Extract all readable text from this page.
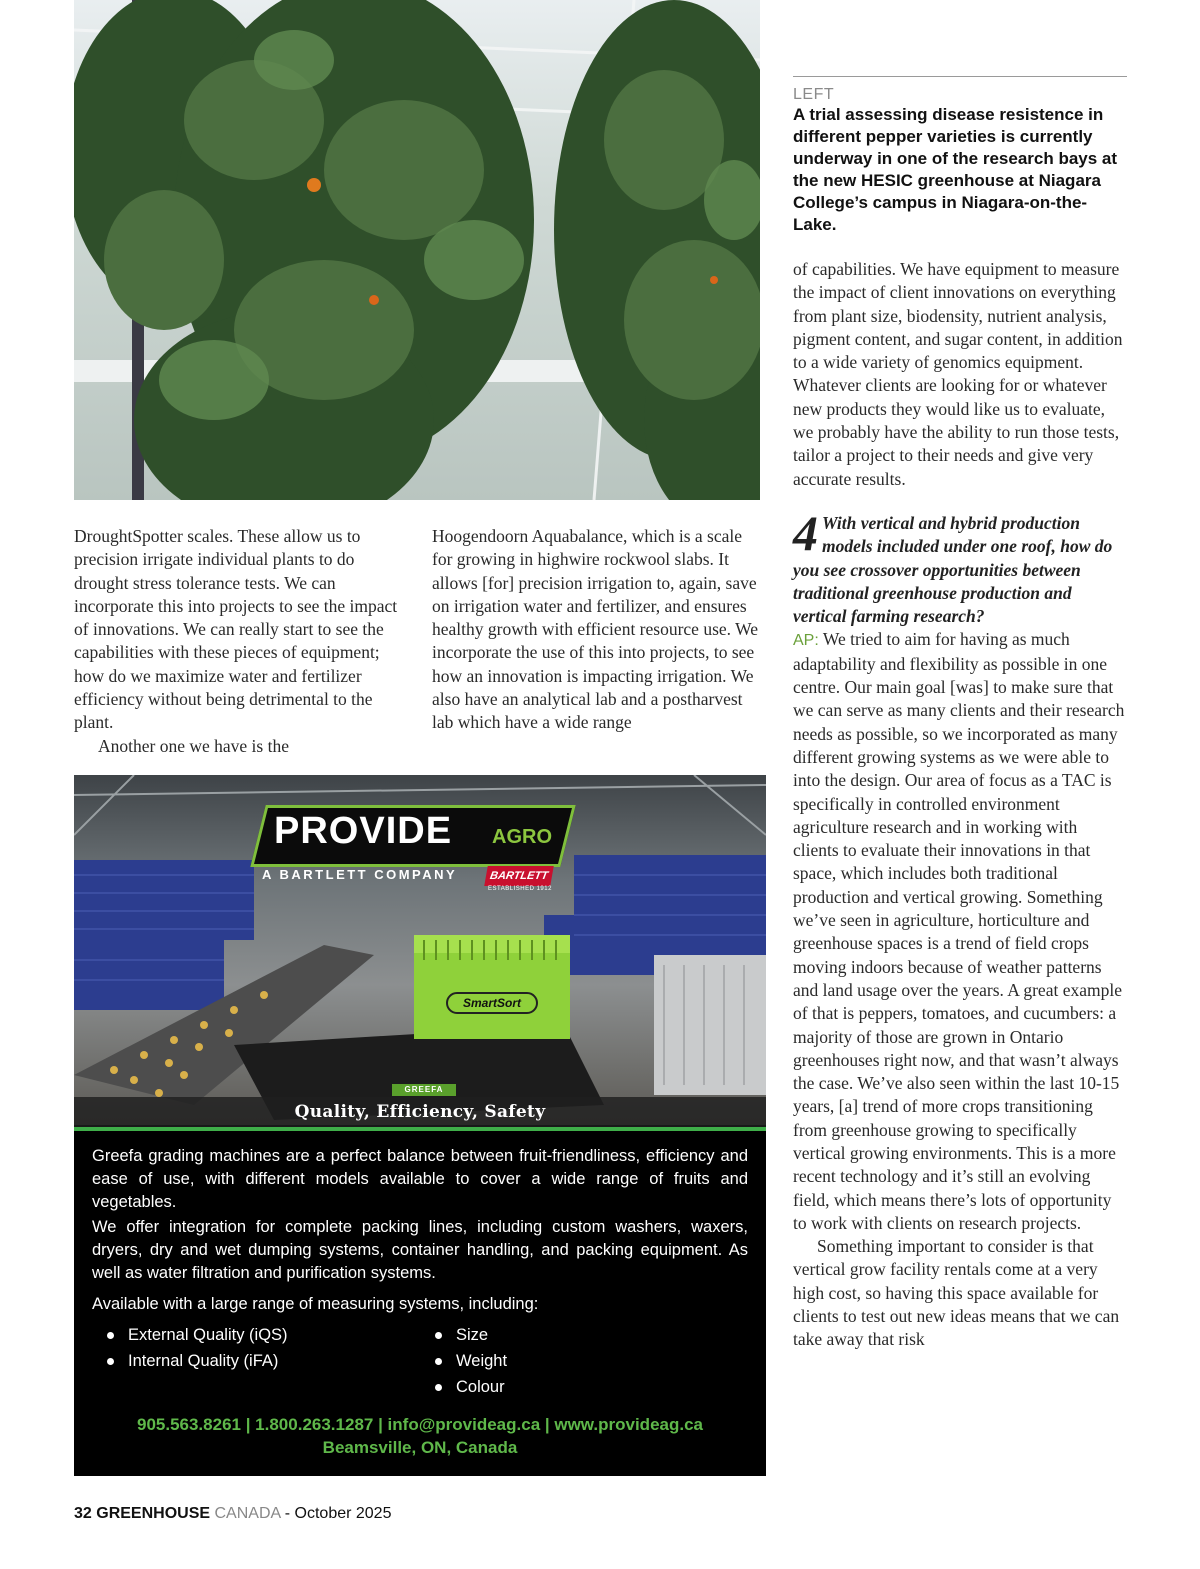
LEFT
A trial assessing disease resistence in different pepper varieties is currently underway in one of the research bays at the new HESIC greenhouse at Niagara College’s campus in Niagara-on-the-Lake.

DroughtSpotter scales. These allow us to precision irrigate individual plants to do drought stress tolerance tests. We can incorporate this into projects to see the impact of innovations. We can really start to see the capabilities with these pieces of equipment; how do we maximize water and fertilizer efficiency without being detrimental to the plant.

Another one we have is the

Hoogendoorn Aquabalance, which is a scale for growing in highwire rockwool slabs. It allows [for] precision irrigation to, again, save on irrigation water and fertilizer, and ensures healthy growth with efficient resource use. We incorporate the use of this into projects, to see how an innovation is impacting irrigation. We also have an analytical lab and a postharvest lab which have a wide range

of capabilities. We have equipment to measure the impact of client innovations on everything from plant size, biodensity, nutrient analysis, pigment content, and sugar content, in addition to a wide variety of genomics equipment. Whatever clients are looking for or whatever new products they would like us to evaluate, we probably have the ability to run those tests, tailor a project to their needs and give very accurate results.

4 With vertical and hybrid production models included under one roof, how do you see crossover opportunities between traditional greenhouse production and vertical farming research?

AP: We tried to aim for having as much adaptability and flexibility as possible in one centre. Our main goal [was] to make sure that we can serve as many clients and their research needs as possible, so we incorporated as many different growing systems as we were able to into the design. Our area of focus as a TAC is specifically in controlled environment agriculture research and in working with clients to evaluate their innovations in that space, which includes both traditional production and vertical growing. Something we’ve seen in agriculture, horticulture and greenhouse spaces is a trend of field crops moving indoors because of weather patterns and land usage over the years. A great example of that is peppers, tomatoes, and cucumbers: a majority of those are grown in Ontario greenhouses right now, and that wasn’t always the case. We’ve also seen within the last 10-15 years, [a] trend of more crops transitioning from greenhouse growing to specifically vertical growing environments. This is a more recent technology and it’s still an evolving field, which means there’s lots of opportunity to work with clients on research projects.

Something important to consider is that vertical grow facility rentals come at a very high cost, so having this space available for clients to test out new ideas means that we can take away that risk

PROVIDE AGRO
A BARTLETT COMPANY	BARTLETT
ESTABLISHED 1912
SmartSort
GREEFA
Quality, Efficiency, Safety

Greefa grading machines are a perfect balance between fruit-friendliness, efficiency and ease of use, with different models available to cover a wide range of fruits and vegetables.

We offer integration for complete packing lines, including custom washers, waxers, dryers, dry and wet dumping systems, container handling, and packing equipment. As well as water filtration and purification systems.

Available with a large range of measuring systems, including:

External Quality (iQS)
Internal Quality (iFA)
Size
Weight
Colour
905.563.8261 | 1.800.263.1287 | info@provideag.ca | www.provideag.ca
Beamsville, ON, Canada
32 GREENHOUSE CANADA - October 2025
